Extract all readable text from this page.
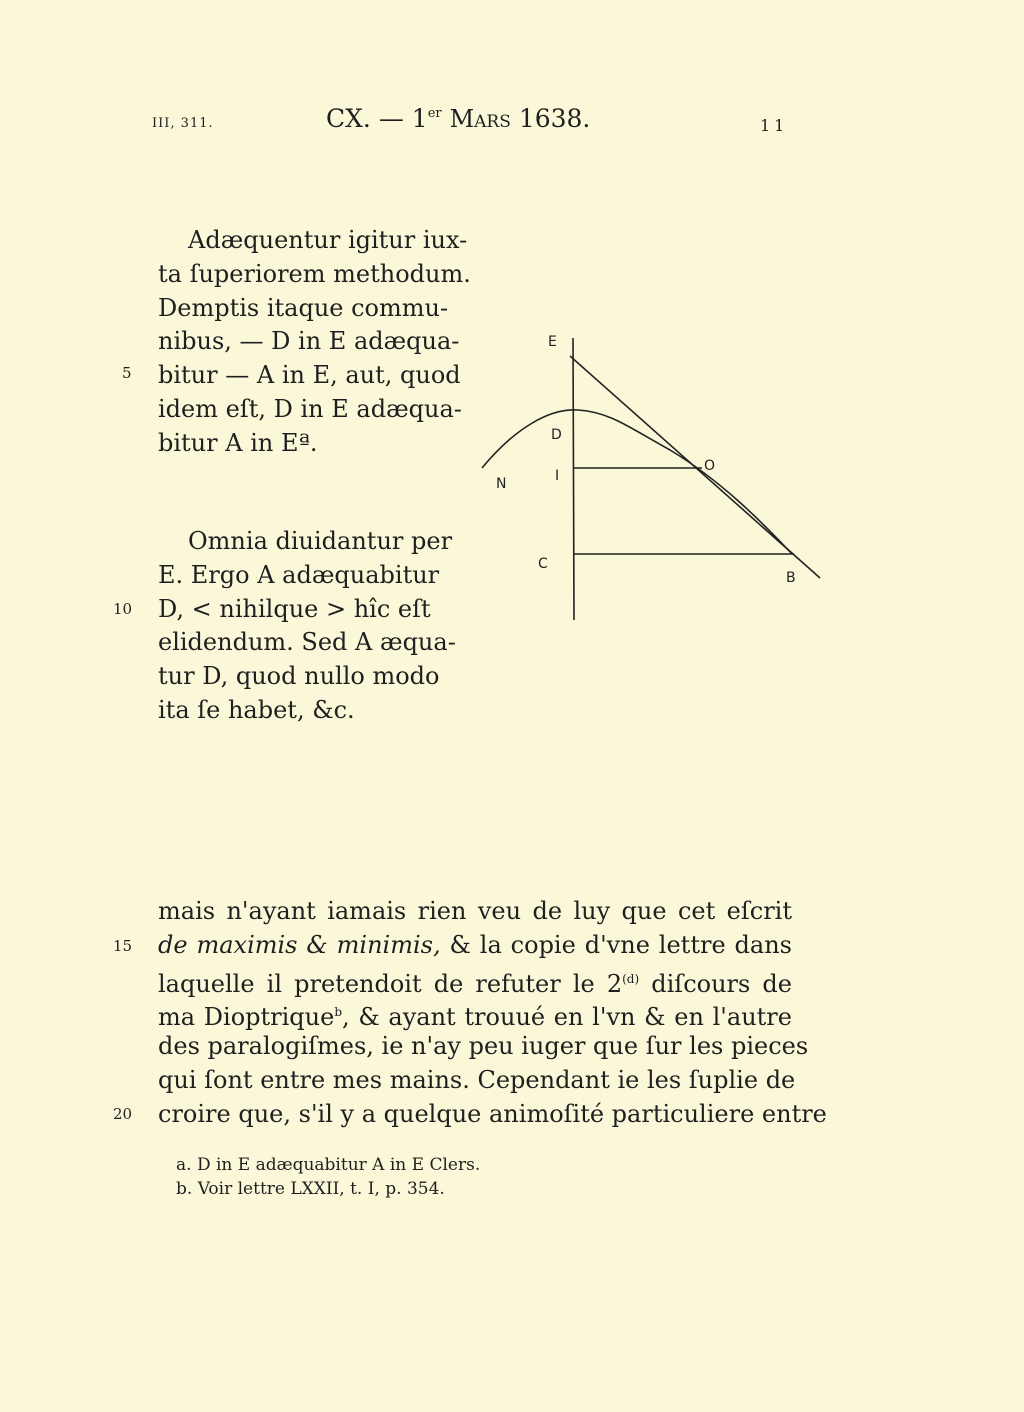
III, 311.	CX. — 1er Mars 1638.	11
Adæquentur igitur iux-
ta ſuperiorem methodum.
Demptis itaque commu-
nibus, — D in E adæqua-
bitur — A in E, aut, quod
idem eſt, D in E adæqua-
bitur A in Eª.
Omnia diuidantur per
E. Ergo A adæquabitur
D, < nihilque > hîc eſt
elidendum. Sed A æqua-
tur D, quod nullo modo
ita ſe habet, &c.
5
10
15
20
E
D
I
O
N
C
B
mais n'ayant iamais rien veu de luy que cet eſcrit
de maximis & minimis, & la copie d'vne lettre dans
laquelle il pretendoit de refuter le 2$^{(d)}$ diſcours de
ma Dioptrique$^b$, & ayant trouué en l'vn & en l'autre
des paralogiſmes, ie n'ay peu iuger que ſur les pieces
qui ſont entre mes mains. Cependant ie les ſuplie de
croire que, s'il y a quelque animoſité particuliere entre
a. D in E adæquabitur A in E Clers.
b. Voir lettre LXXII, t. I, p. 354.
